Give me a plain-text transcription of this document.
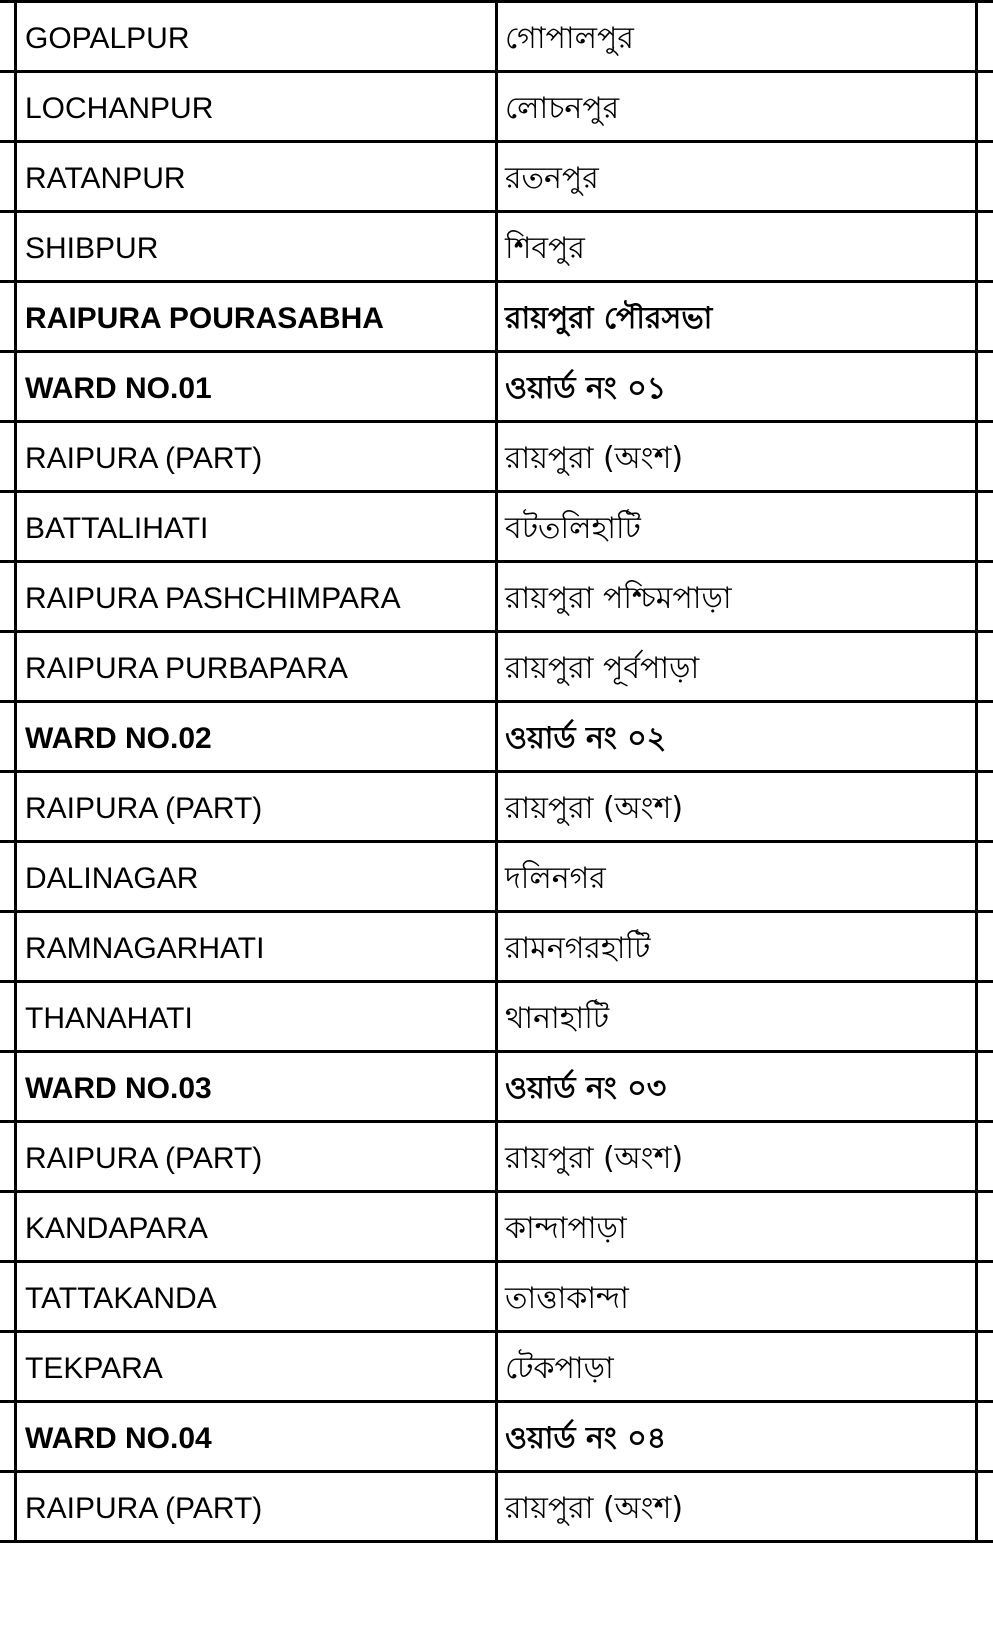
	GOPALPUR	গোপালপুর	
	LOCHANPUR	লোচনপুর	
	RATANPUR	রতনপুর	
	SHIBPUR	শিবপুর	
	RAIPURA POURASABHA	রায়পুরা পৌরসভা	
	WARD NO.01	ওয়ার্ড নং ০১	
	RAIPURA (PART)	রায়পুরা (অংশ)	
	BATTALIHATI	বটতলিহাটি	
	RAIPURA PASHCHIMPARA	রায়পুরা পশ্চিমপাড়া	
	RAIPURA PURBAPARA	রায়পুরা পূর্বপাড়া	
	WARD NO.02	ওয়ার্ড নং ০২	
	RAIPURA (PART)	রায়পুরা (অংশ)	
	DALINAGAR	দলিনগর	
	RAMNAGARHATI	রামনগরহাটি	
	THANAHATI	থানাহাটি	
	WARD NO.03	ওয়ার্ড নং ০৩	
	RAIPURA (PART)	রায়পুরা (অংশ)	
	KANDAPARA	কান্দাপাড়া	
	TATTAKANDA	তাত্তাকান্দা	
	TEKPARA	টেকপাড়া	
	WARD NO.04	ওয়ার্ড নং ০৪	
	RAIPURA (PART)	রায়পুরা (অংশ)	
